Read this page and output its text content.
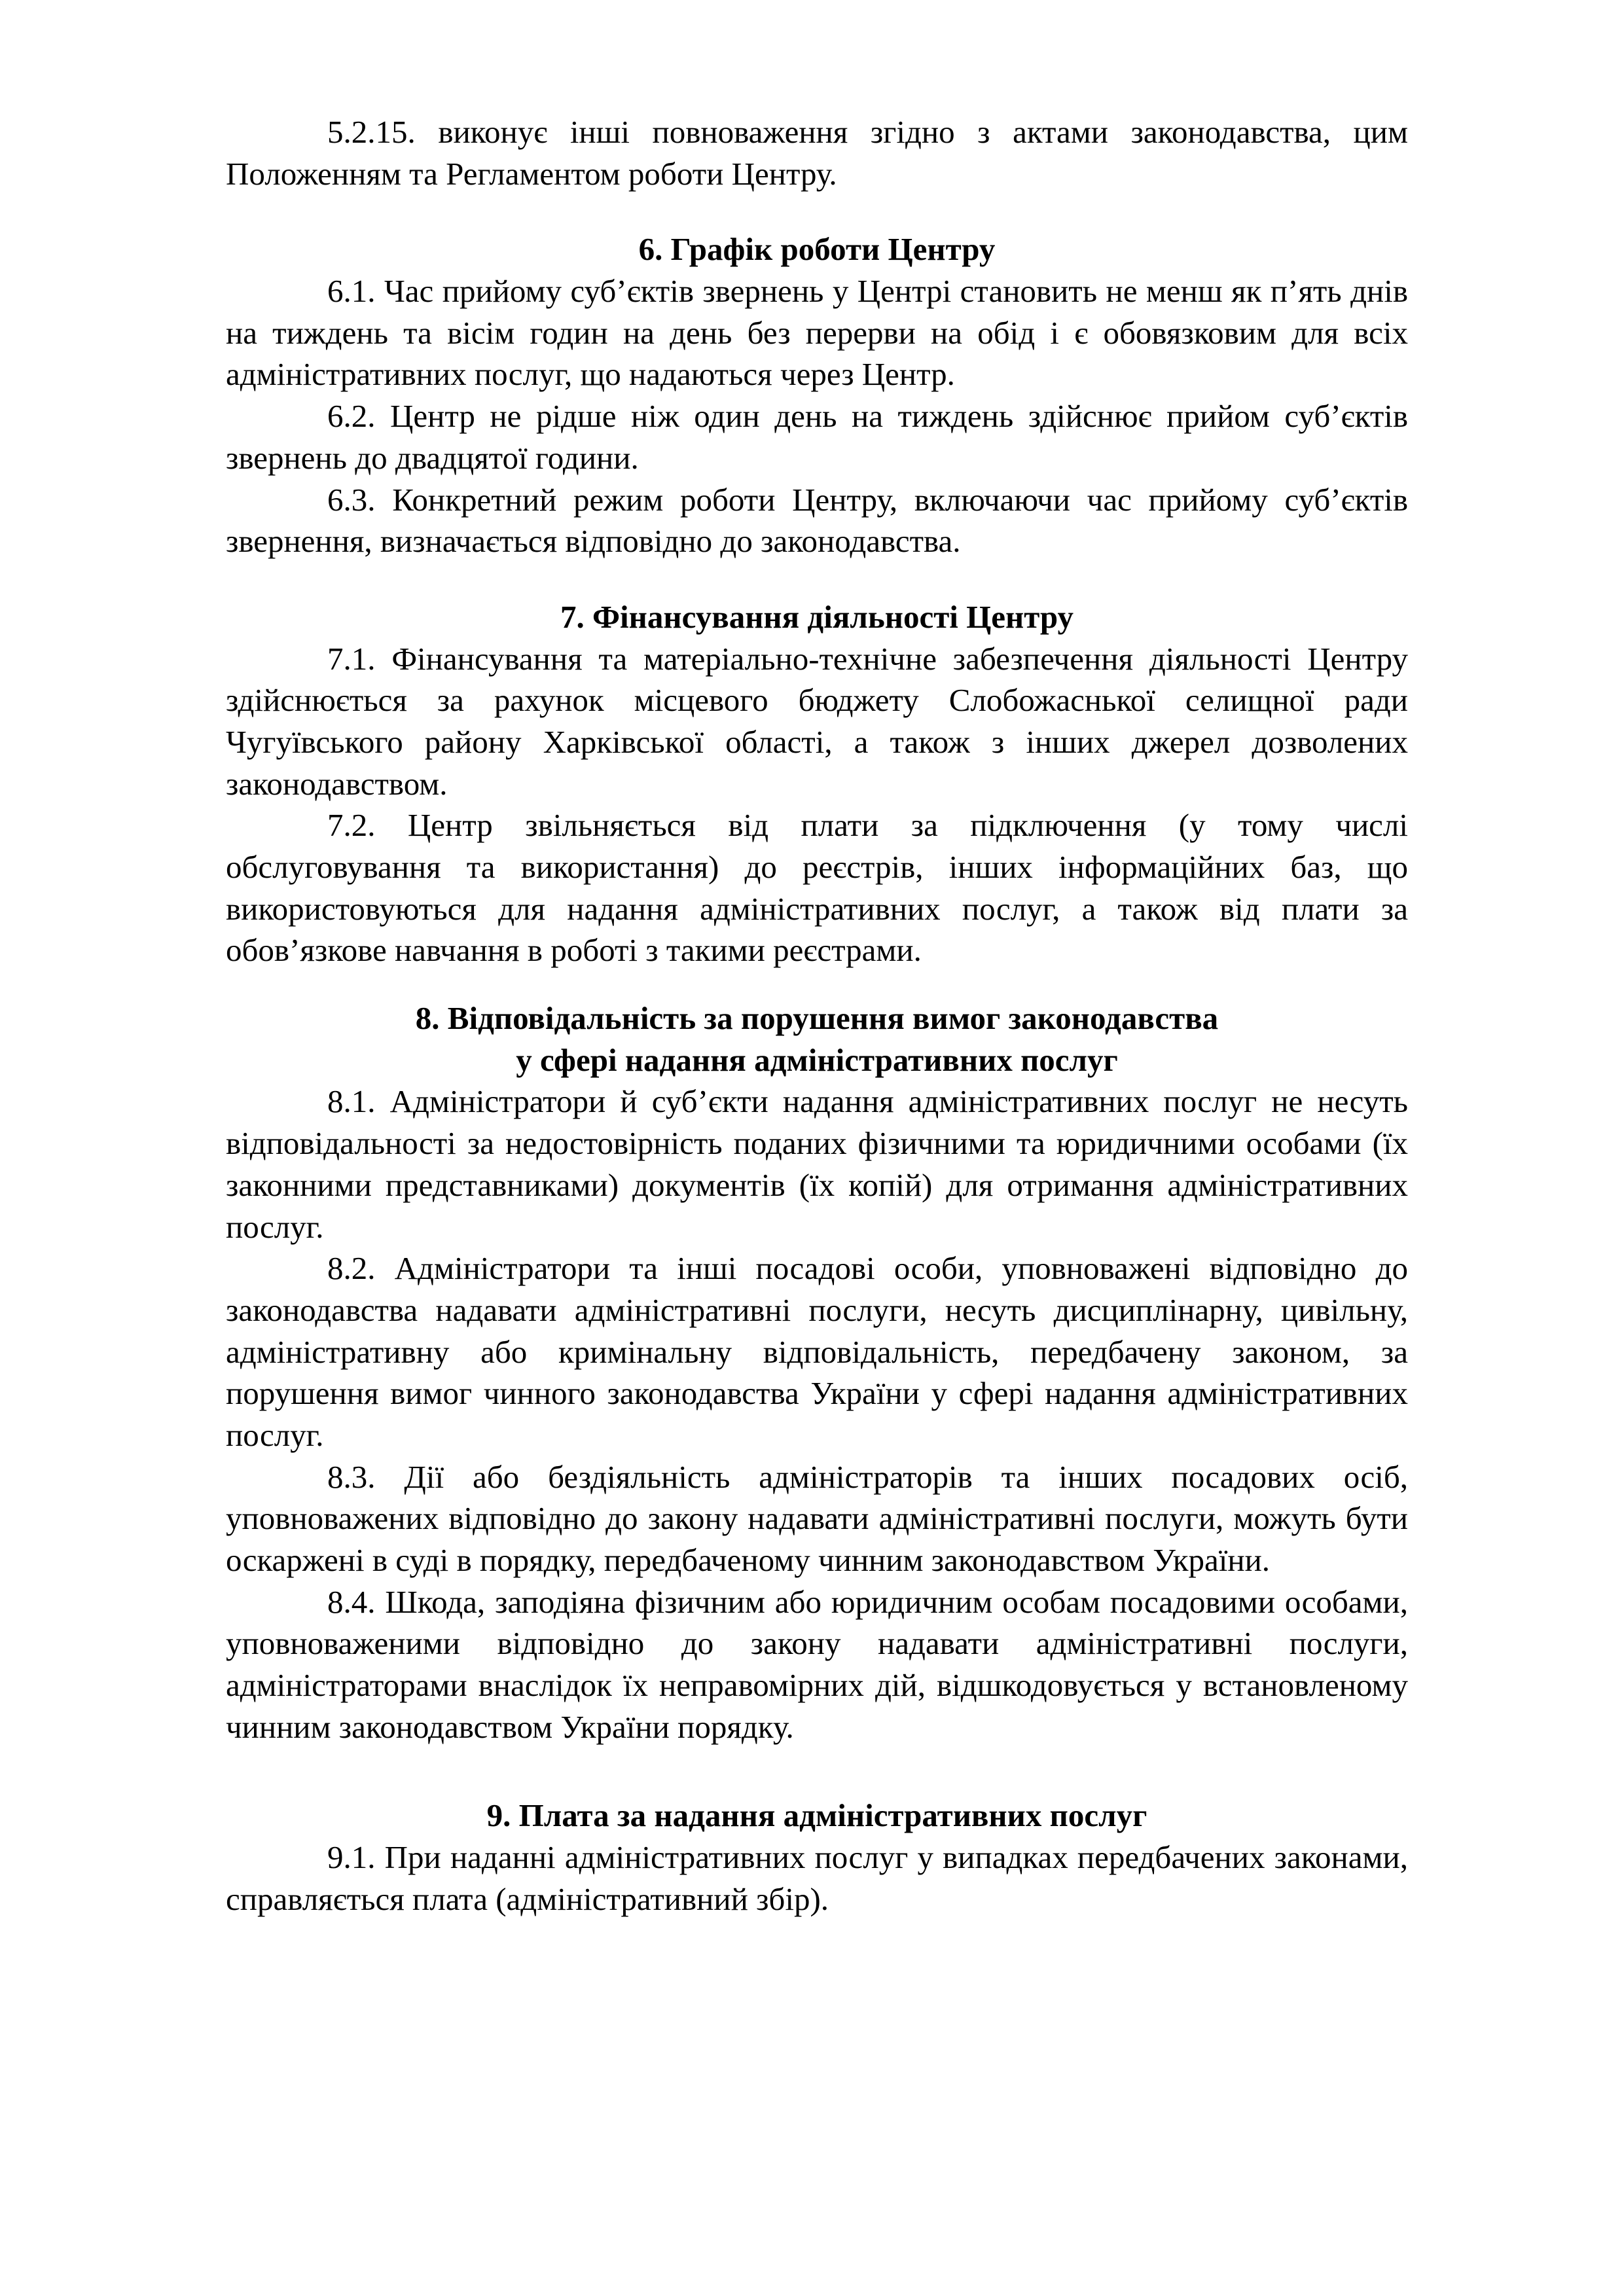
5.2.15. виконує інші повноваження згідно з актами законодавства, цим Положенням та Регламентом роботи Центру.

6. Графік роботи Центру

6.1. Час прийому суб’єктів звернень у Центрі становить не менш як п’ять днів на тиждень та вісім годин на день без перерви на обід і є обовязковим для всіх адміністративних послуг, що надаються через Центр.

6.2. Центр не рідше ніж один день на тиждень здійснює прийом суб’єктів звернень до двадцятої години.

6.3. Конкретний режим роботи Центру, включаючи час прийому суб’єктів звернення, визначається відповідно до законодавства.

7. Фінансування діяльності Центру

7.1. Фінансування та матеріально-технічне забезпечення діяльності Центру здійснюється за рахунок місцевого бюджету Слобожаснької селищної ради Чугуївського району Харківської області, а також з інших джерел дозволених законодавством.

7.2. Центр звільняється від плати за підключення (у тому числі обслуговування та використання) до реєстрів, інших інформаційних баз, що використовуються для надання адміністративних послуг, а також від плати за обов’язкове навчання в роботі з такими реєстрами.

8. Відповідальність за порушення вимог законодавства

у сфері надання адміністративних послуг

8.1. Адміністратори й суб’єкти надання адміністративних послуг не несуть відповідальності за недостовірність поданих фізичними та юридичними особами (їх законними представниками) документів (їх копій) для отримання адміністративних послуг.

8.2. Адміністратори та інші посадові особи, уповноважені відповідно до законодавства надавати адміністративні послуги, несуть дисциплінарну, цивільну, адміністративну або кримінальну відповідальність, передбачену законом, за порушення вимог чинного законодавства України у сфері надання адміністративних послуг.

8.3. Дії або бездіяльність адміністраторів та інших посадових осіб, уповноважених відповідно до закону надавати адміністративні послуги, можуть бути оскаржені в суді в порядку, передбаченому чинним законодавством України.

8.4. Шкода, заподіяна фізичним або юридичним особам посадовими особами, уповноваженими відповідно до закону надавати адміністративні послуги, адміністраторами внаслідок їх неправомірних дій, відшкодовується у встановленому чинним законодавством України порядку.

9. Плата за надання адміністративних послуг

9.1. При наданні адміністративних послуг у випадках передбачених законами, справляється плата (адміністративний збір).
